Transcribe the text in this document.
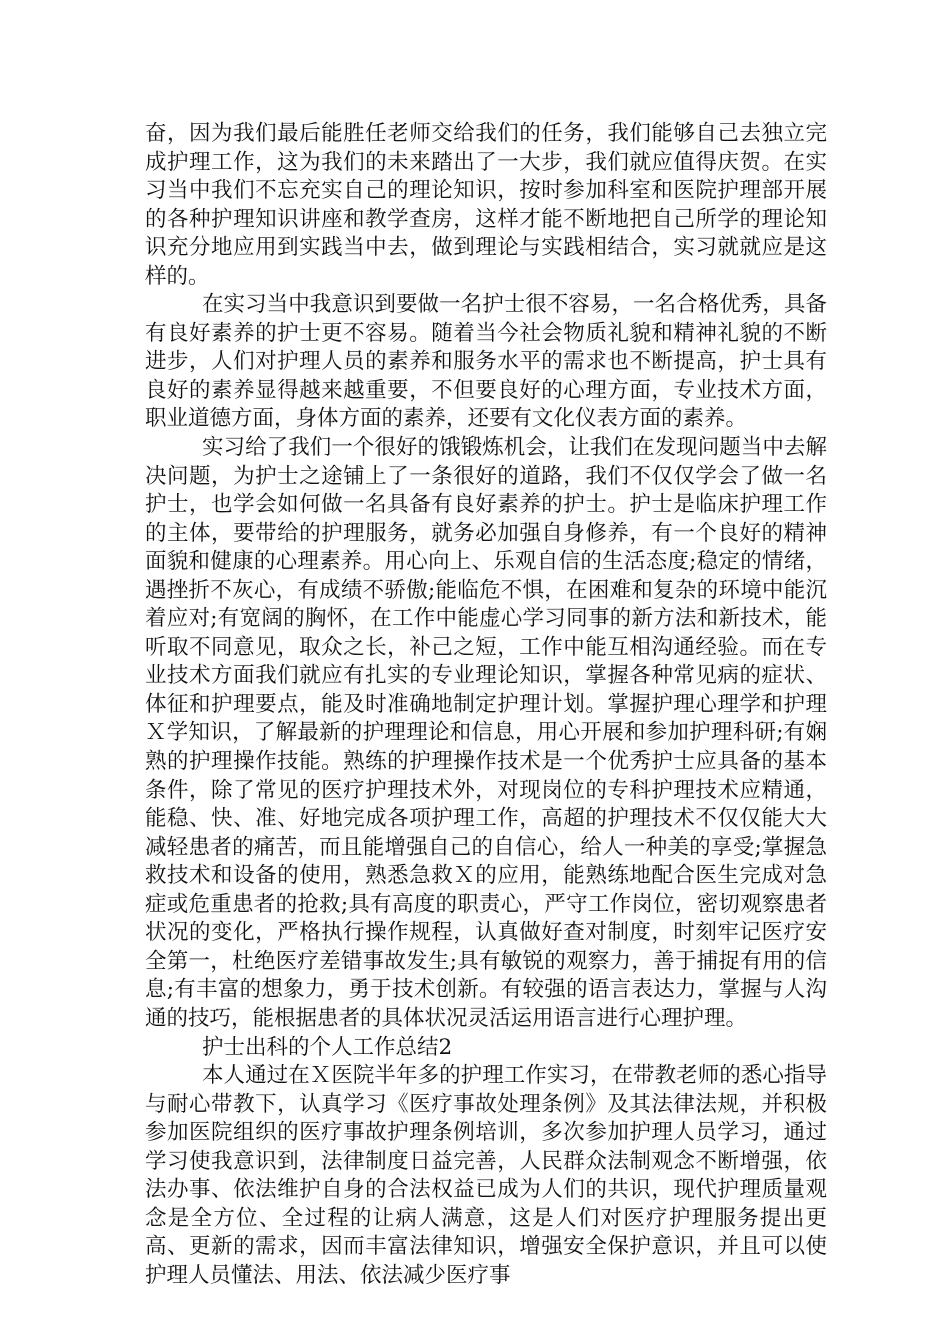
奋，因为我们最后能胜任老师交给我们的任务，我们能够自己去独立完成护理工作，这为我们的未来踏出了一大步，我们就应值得庆贺。在实习当中我们不忘充实自己的理论知识，按时参加科室和医院护理部开展的各种护理知识讲座和教学查房，这样才能不断地把自己所学的理论知识充分地应用到实践当中去，做到理论与实践相结合，实习就就应是这样的。

在实习当中我意识到要做一名护士很不容易，一名合格优秀，具备有良好素养的护士更不容易。随着当今社会物质礼貌和精神礼貌的不断进步，人们对护理人员的素养和服务水平的需求也不断提高，护士具有良好的素养显得越来越重要，不但要良好的心理方面，专业技术方面，职业道德方面，身体方面的素养，还要有文化仪表方面的素养。

实习给了我们一个很好的饿锻炼机会，让我们在发现问题当中去解决问题，为护士之途铺上了一条很好的道路，我们不仅仅学会了做一名护士，也学会如何做一名具备有良好素养的护士。护士是临床护理工作的主体，要带给的护理服务，就务必加强自身修养，有一个良好的精神面貌和健康的心理素养。用心向上、乐观自信的生活态度;稳定的情绪，遇挫折不灰心，有成绩不骄傲;能临危不惧，在困难和复杂的环境中能沉着应对;有宽阔的胸怀，在工作中能虚心学习同事的新方法和新技术，能听取不同意见，取众之长，补己之短，工作中能互相沟通经验。而在专业技术方面我们就应有扎实的专业理论知识，掌握各种常见病的症状、体征和护理要点，能及时准确地制定护理计划。掌握护理心理学和护理Ｘ学知识，了解最新的护理理论和信息，用心开展和参加护理科研;有娴熟的护理操作技能。熟练的护理操作技术是一个优秀护士应具备的基本条件，除了常见的医疗护理技术外，对现岗位的专科护理技术应精通，能稳、快、准、好地完成各项护理工作，高超的护理技术不仅仅能大大减轻患者的痛苦，而且能增强自己的自信心，给人一种美的享受;掌握急救技术和设备的使用，熟悉急救Ｘ的应用，能熟练地配合医生完成对急症或危重患者的抢救;具有高度的职责心，严守工作岗位，密切观察患者状况的变化，严格执行操作规程，认真做好查对制度，时刻牢记医疗安全第一，杜绝医疗差错事故发生;具有敏锐的观察力，善于捕捉有用的信息;有丰富的想象力，勇于技术创新。有较强的语言表达力，掌握与人沟通的技巧，能根据患者的具体状况灵活运用语言进行心理护理。

护士出科的个人工作总结2

本人通过在Ｘ医院半年多的护理工作实习，在带教老师的悉心指导与耐心带教下，认真学习《医疗事故处理条例》及其法律法规，并积极参加医院组织的医疗事故护理条例培训，多次参加护理人员学习，通过学习使我意识到，法律制度日益完善，人民群众法制观念不断增强，依法办事、依法维护自身的合法权益已成为人们的共识，现代护理质量观念是全方位、全过程的让病人满意，这是人们对医疗护理服务提出更高、更新的需求，因而丰富法律知识，增强安全保护意识，并且可以使护理人员懂法、用法、依法减少医疗事
